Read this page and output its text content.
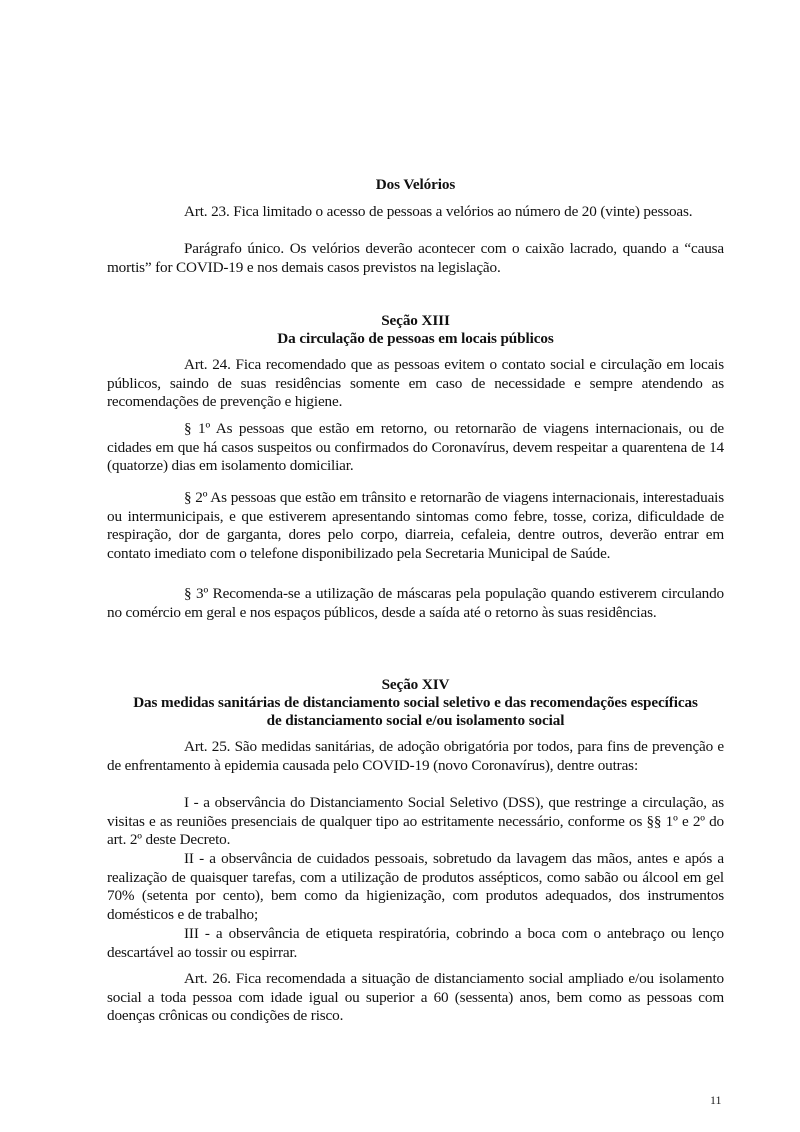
Dos Velórios

Art. 23. Fica limitado o acesso de pessoas a velórios ao número de 20 (vinte) pessoas.

Parágrafo único. Os velórios deverão acontecer com o caixão lacrado, quando a “causa mortis” for COVID-19 e nos demais casos previstos na legislação.

Seção XIII
Da circulação de pessoas em locais públicos

Art. 24. Fica recomendado que as pessoas evitem o contato social e circulação em locais públicos, saindo de suas residências somente em caso de necessidade e sempre atendendo as recomendações de prevenção e higiene.

§ 1º As pessoas que estão em retorno, ou retornarão de viagens internacionais, ou de cidades em que há casos suspeitos ou confirmados do Coronavírus, devem respeitar a quarentena de 14 (quatorze) dias em isolamento domiciliar.

§ 2º As pessoas que estão em trânsito e retornarão de viagens internacionais, interestaduais ou intermunicipais, e que estiverem apresentando sintomas como febre, tosse, coriza, dificuldade de respiração, dor de garganta, dores pelo corpo, diarreia, cefaleia, dentre outros, deverão entrar em contato imediato com o telefone disponibilizado pela Secretaria Municipal de Saúde.

§ 3º Recomenda-se a utilização de máscaras pela população quando estiverem circulando no comércio em geral e nos espaços públicos, desde a saída até o retorno às suas residências.

Seção XIV
Das medidas sanitárias de distanciamento social seletivo e das recomendações específicas
de distanciamento social e/ou isolamento social

Art. 25. São medidas sanitárias, de adoção obrigatória por todos, para fins de prevenção e de enfrentamento à epidemia causada pelo COVID-19 (novo Coronavírus), dentre outras:

I - a observância do Distanciamento Social Seletivo (DSS), que restringe a circulação, as visitas e as reuniões presenciais de qualquer tipo ao estritamente necessário, conforme os §§ 1º e 2º do art. 2º deste Decreto.

II - a observância de cuidados pessoais, sobretudo da lavagem das mãos, antes e após a realização de quaisquer tarefas, com a utilização de produtos assépticos, como sabão ou álcool em gel 70% (setenta por cento), bem como da higienização, com produtos adequados, dos instrumentos domésticos e de trabalho;

III - a observância de etiqueta respiratória, cobrindo a boca com o antebraço ou lenço descartável ao tossir ou espirrar.

Art. 26. Fica recomendada a situação de distanciamento social ampliado e/ou isolamento social a toda pessoa com idade igual ou superior a 60 (sessenta) anos, bem como as pessoas com doenças crônicas ou condições de risco.

11
